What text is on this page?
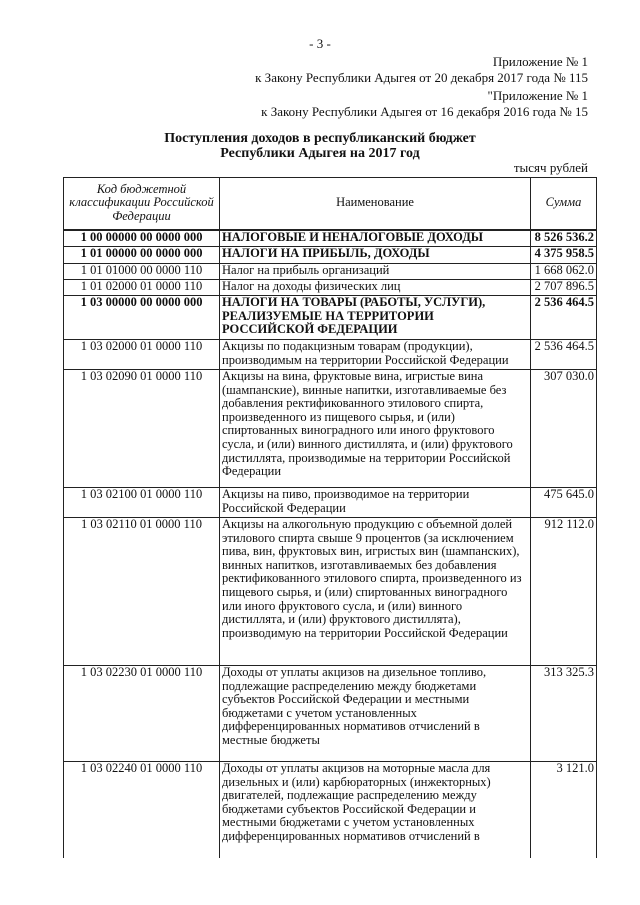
- 3 -
Приложение № 1
к Закону Республики Адыгея от 20 декабря 2017 года № 115
"Приложение № 1
к Закону Республики Адыгея от 16 декабря 2016 года № 15
Поступления доходов в республиканский бюджет
Республики Адыгея на 2017 год
тысяч рублей
Код бюджетной классификации Российской Федерации	Наименование	Сумма
1 00 00000 00 0000 000	НАЛОГОВЫЕ И НЕНАЛОГОВЫЕ ДОХОДЫ	8 526 536.2
1 01 00000 00 0000 000	НАЛОГИ НА ПРИБЫЛЬ, ДОХОДЫ	4 375 958.5
1 01 01000 00 0000 110	Налог на прибыль организаций	1 668 062.0
1 01 02000 01 0000 110	Налог на доходы физических лиц	2 707 896.5
1 03 00000 00 0000 000	НАЛОГИ НА ТОВАРЫ (РАБОТЫ, УСЛУГИ), РЕАЛИЗУЕМЫЕ НА ТЕРРИТОРИИ РОССИЙСКОЙ ФЕДЕРАЦИИ	2 536 464.5
1 03 02000 01 0000 110	Акцизы по подакцизным товарам (продукции), производимым на территории Российской Федерации	2 536 464.5
1 03 02090 01 0000 110	Акцизы на вина, фруктовые вина, игристые вина (шампанские), винные напитки, изготавливаемые без добавления ректификованного этилового спирта, произведенного из пищевого сырья, и (или) спиртованных виноградного или иного фруктового сусла, и (или) винного дистиллята, и (или) фруктового дистиллята, производимые на территории Российской Федерации	307 030.0
1 03 02100 01 0000 110	Акцизы на пиво, производимое на территории Российской Федерации	475 645.0
1 03 02110 01 0000 110	Акцизы на алкогольную продукцию с объемной долей этилового спирта свыше 9 процентов (за исключением пива, вин, фруктовых вин, игристых вин (шампанских), винных напитков, изготавливаемых без добавления ректификованного этилового спирта, произведенного из пищевого сырья, и (или) спиртованных виноградного или иного фруктового сусла, и (или) винного дистиллята, и (или) фруктового дистиллята), производимую на территории Российской Федерации	912 112.0
1 03 02230 01 0000 110	Доходы от уплаты акцизов на дизельное топливо, подлежащие распределению между бюджетами субъектов Российской Федерации и местными бюджетами с учетом установленных дифференцированных нормативов отчислений в местные бюджеты	313 325.3
1 03 02240 01 0000 110	Доходы от уплаты акцизов на моторные масла для дизельных и (или) карбюраторных (инжекторных) двигателей, подлежащие распределению между бюджетами субъектов Российской Федерации и местными бюджетами с учетом установленных дифференцированных нормативов отчислений в	3 121.0
